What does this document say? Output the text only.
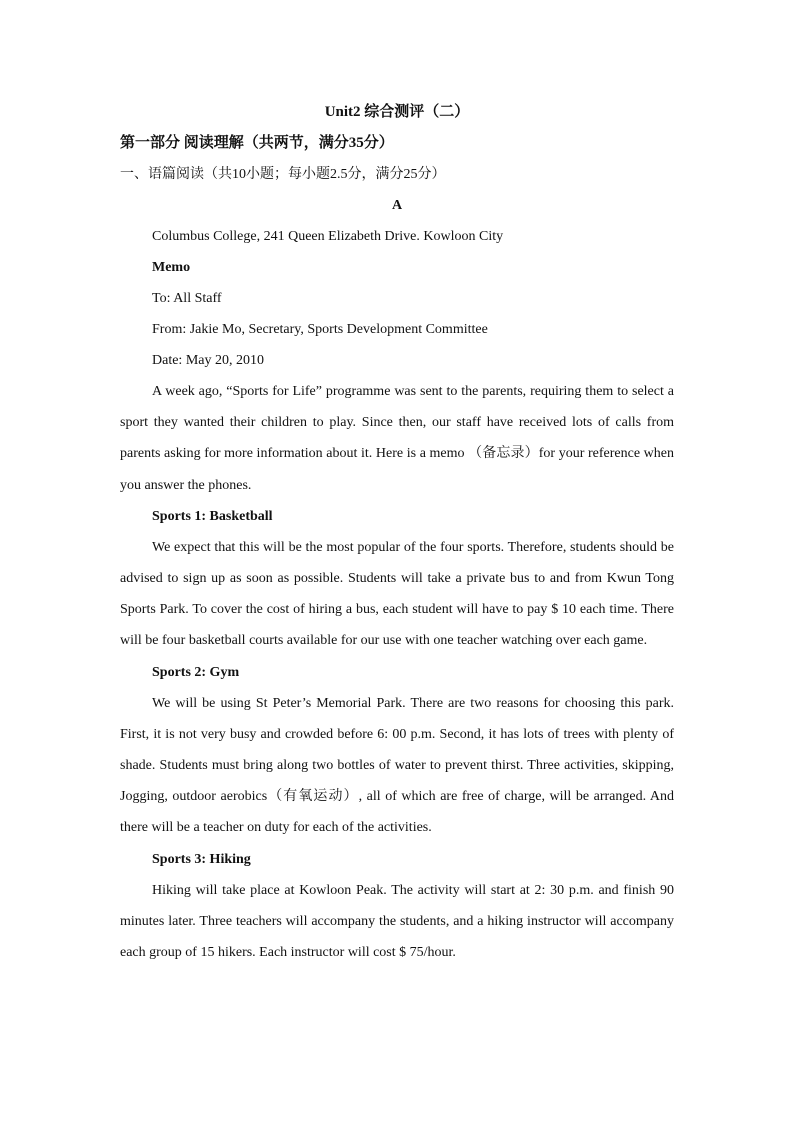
Unit2 综合测评（二）
第一部分 阅读理解（共两节，满分35分）
一、语篇阅读（共10小题；每小题2.5分，满分25分）
A
Columbus College, 241 Queen Elizabeth Drive. Kowloon City
Memo
To: All Staff
From: Jakie Mo, Secretary, Sports Development Committee
Date: May 20, 2010

A week ago, “Sports for Life” programme was sent to the parents, requiring them to select a sport they wanted their children to play. Since then, our staff have received lots of calls from parents asking for more information about it. Here is a memo （备忘录）for your reference when you answer the phones.

Sports 1: Basketball

We expect that this will be the most popular of the four sports. Therefore, students should be advised to sign up as soon as possible. Students will take a private bus to and from Kwun Tong Sports Park. To cover the cost of hiring a bus, each student will have to pay $ 10 each time. There will be four basketball courts available for our use with one teacher watching over each game.

Sports 2: Gym

We will be using St Peter’s Memorial Park. There are two reasons for choosing this park. First, it is not very busy and crowded before 6: 00 p.m. Second, it has lots of trees with plenty of shade. Students must bring along two bottles of water to prevent thirst. Three activities, skipping, Jogging, outdoor aerobics（有氧运动）, all of which are free of charge, will be arranged. And there will be a teacher on duty for each of the activities.

Sports 3: Hiking

Hiking will take place at Kowloon Peak. The activity will start at 2: 30 p.m. and finish 90 minutes later. Three teachers will accompany the students, and a hiking instructor will accompany each group of 15 hikers. Each instructor will cost $ 75/hour.
